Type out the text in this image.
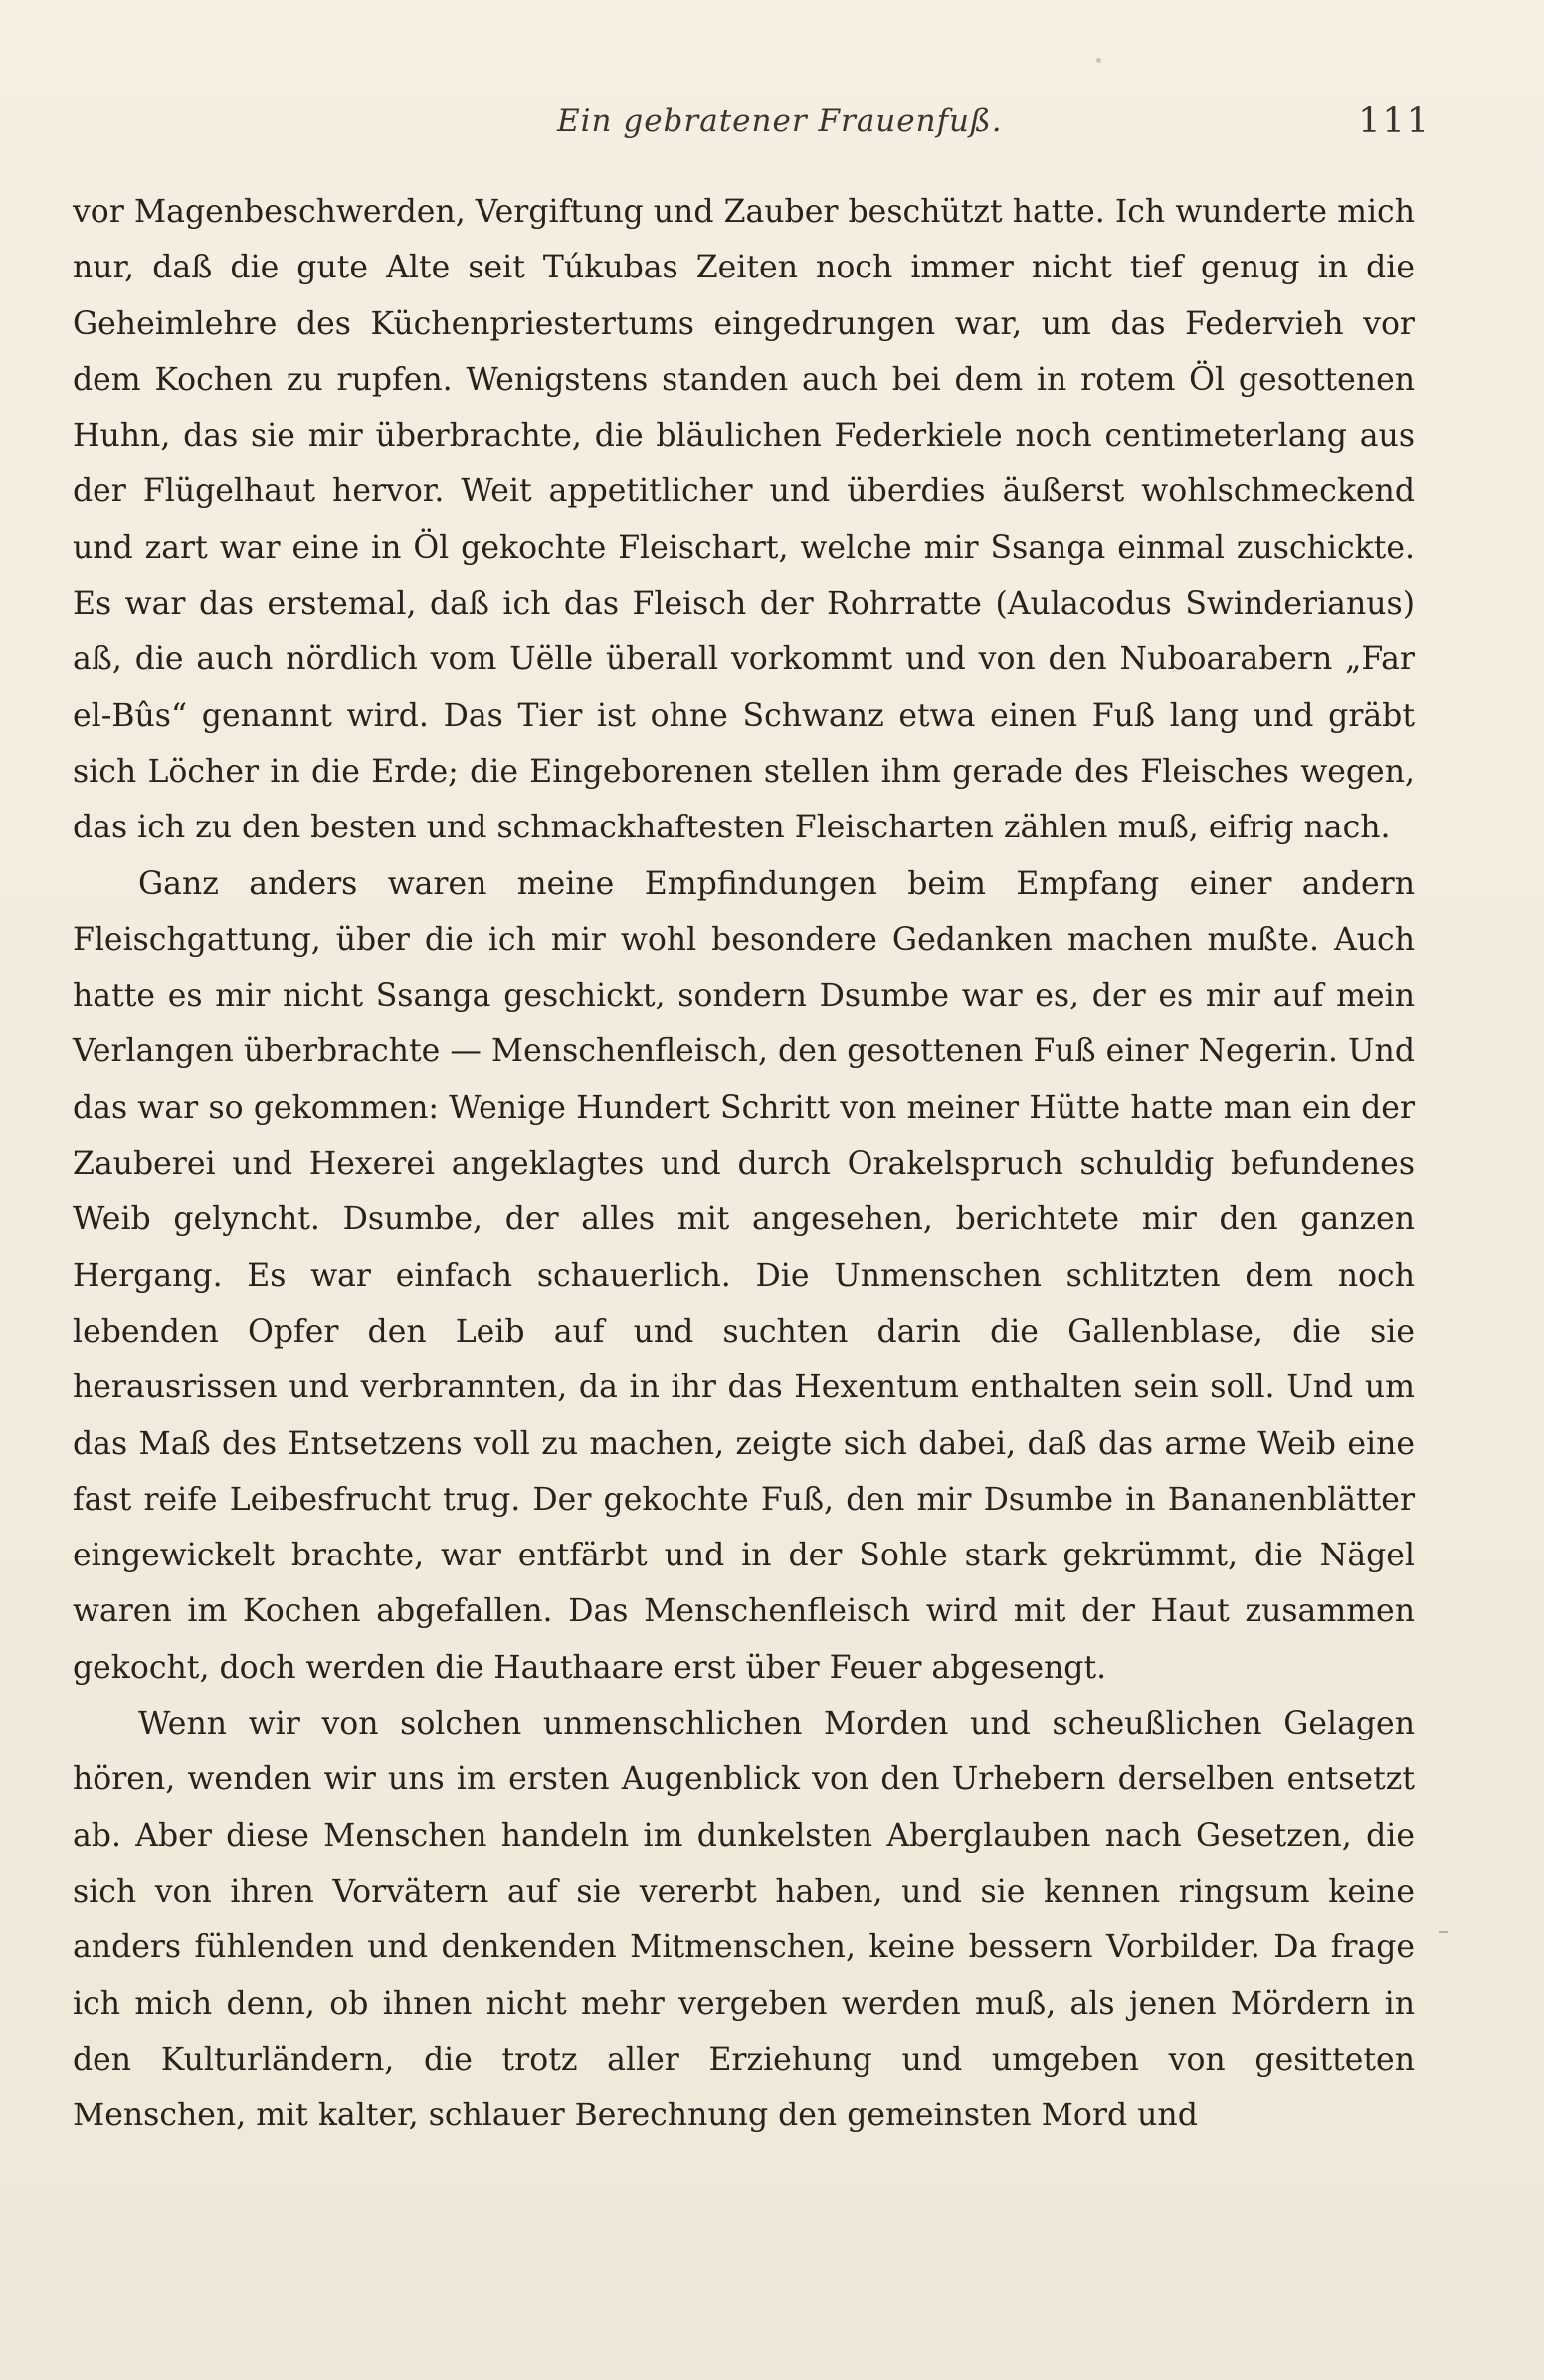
Ein gebratener Frauenfuß.	111

vor Magenbeschwerden, Vergiftung und Zauber beschützt hatte. Ich wunderte mich nur, daß die gute Alte seit Túkubas Zeiten noch immer nicht tief genug in die Geheimlehre des Küchenpriestertums eingedrungen war, um das Federvieh vor dem Kochen zu rupfen. Wenigstens standen auch bei dem in rotem Öl gesottenen Huhn, das sie mir überbrachte, die bläulichen Federkiele noch centimeterlang aus der Flügelhaut hervor. Weit appetitlicher und überdies äußerst wohlschmeckend und zart war eine in Öl gekochte Fleischart, welche mir Ssanga einmal zuschickte. Es war das erstemal, daß ich das Fleisch der Rohrratte (Aulacodus Swinderianus) aß, die auch nördlich vom Uëlle überall vorkommt und von den Nuboarabern „Far el-Bûs“ genannt wird. Das Tier ist ohne Schwanz etwa einen Fuß lang und gräbt sich Löcher in die Erde; die Eingeborenen stellen ihm gerade des Fleisches wegen, das ich zu den besten und schmackhaftesten Fleischarten zählen muß, eifrig nach.

Ganz anders waren meine Empfindungen beim Empfang einer andern Fleischgattung, über die ich mir wohl besondere Gedanken machen mußte. Auch hatte es mir nicht Ssanga geschickt, sondern Dsumbe war es, der es mir auf mein Verlangen überbrachte — Menschenfleisch, den gesottenen Fuß einer Negerin. Und das war so gekommen: Wenige Hundert Schritt von meiner Hütte hatte man ein der Zauberei und Hexerei angeklagtes und durch Orakelspruch schuldig befundenes Weib gelyncht. Dsumbe, der alles mit angesehen, berichtete mir den ganzen Hergang. Es war einfach schauerlich. Die Unmenschen schlitzten dem noch lebenden Opfer den Leib auf und suchten darin die Gallenblase, die sie herausrissen und verbrannten, da in ihr das Hexentum enthalten sein soll. Und um das Maß des Entsetzens voll zu machen, zeigte sich dabei, daß das arme Weib eine fast reife Leibesfrucht trug. Der gekochte Fuß, den mir Dsumbe in Bananenblätter eingewickelt brachte, war entfärbt und in der Sohle stark gekrümmt, die Nägel waren im Kochen abgefallen. Das Menschenfleisch wird mit der Haut zusammen gekocht, doch werden die Hauthaare erst über Feuer abgesengt.

Wenn wir von solchen unmenschlichen Morden und scheußlichen Gelagen hören, wenden wir uns im ersten Augenblick von den Urhebern derselben entsetzt ab. Aber diese Menschen handeln im dunkelsten Aberglauben nach Gesetzen, die sich von ihren Vorvätern auf sie vererbt haben, und sie kennen ringsum keine anders fühlenden und denkenden Mitmenschen, keine bessern Vorbilder. Da frage ich mich denn, ob ihnen nicht mehr vergeben werden muß, als jenen Mördern in den Kulturländern, die trotz aller Erziehung und umgeben von gesitteten Menschen, mit kalter, schlauer Berechnung den gemeinsten Mord und
